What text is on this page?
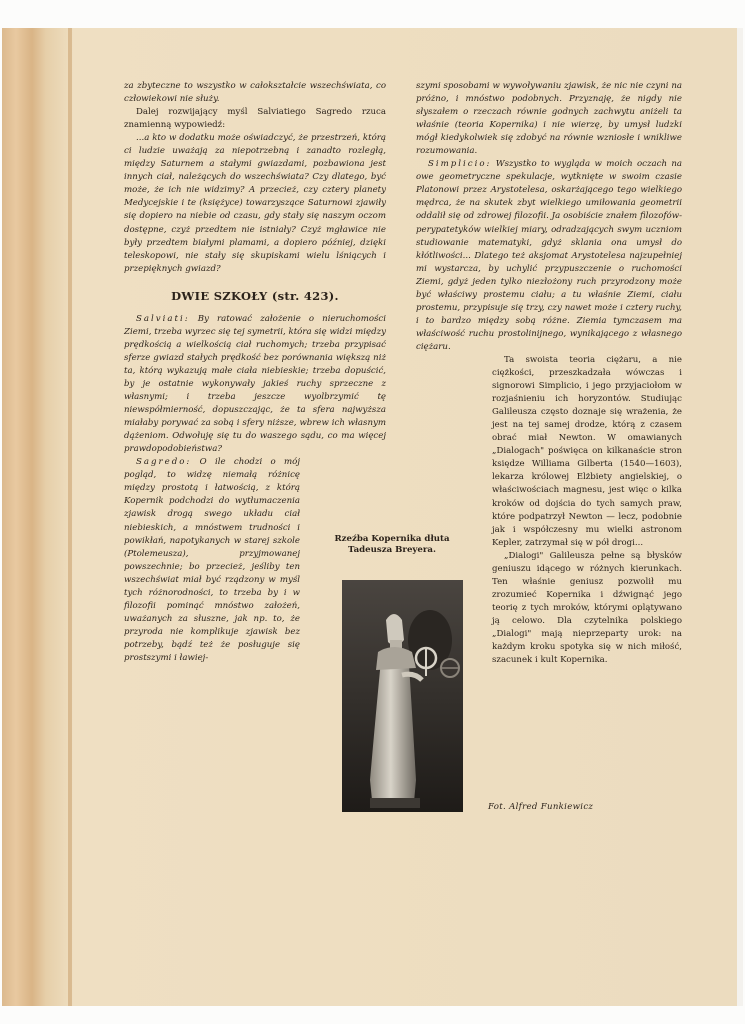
za zbyteczne to wszystko w całokształcie wszechświata, co człowiekowi nie służy.

Dalej rozwijający myśl Salviatiego Sagredo rzuca znamienną wypowiedź:

...a kto w dodatku może oświadczyć, że przestrzeń, którą ci ludzie uważają za niepotrzebną i zanadto rozległą, między Saturnem a stałymi gwiazdami, pozbawiona jest innych ciał, należących do wszechświata? Czy dlatego, być może, że ich nie widzimy? A przecież, czy cztery planety Medycejskie i te (księżyce) towarzyszące Saturnowi zjawiły się dopiero na niebie od czasu, gdy stały się naszym oczom dostępne, czyż przedtem nie istniały? Czyż mgławice nie były przedtem białymi plamami, a dopiero później, dzięki teleskopowi, nie stały się skupiskami wielu lśniących i przepięknych gwiazd?

DWIE SZKOŁY (str. 423).

Salviati: By ratować założenie o nieruchomości Ziemi, trzeba wyrzec się tej symetrii, która się widzi między prędkością a wielkością ciał ruchomych; trzeba przypisać sferze gwiazd stałych prędkość bez porównania większą niż ta, którą wykazują małe ciała niebieskie; trzeba dopuścić, by je ostatnie wykonywały jakieś ruchy sprzeczne z własnymi; i trzeba jeszcze wyolbrzymić tę niewspółmierność, dopuszczając, że ta sfera najwyższa miałaby porywać za sobą i sfery niższe, wbrew ich własnym dążeniom. Odwołuję się tu do waszego sądu, co ma więcej prawdopodobieństwa?

Sagredo: O ile chodzi o mój pogląd, to widzę niemałą różnicę między prostotą i łatwością, z którą Kopernik podchodzi do wytłumaczenia zjawisk drogą swego układu ciał niebieskich, a mnóstwem trudności i powikłań, napotykanych w starej szkole (Ptolemeusza), przyjmowanej powszechnie; bo przecież, jeśliby ten wszechświat miał być rządzony w myśl tych różnorodności, to trzeba by i w filozofii pominąć mnóstwo założeń, uważanych za słuszne, jak np. to, że przyroda nie komplikuje zjawisk bez potrzeby, bądź też że posługuje się prostszymi i ławiej-

szymi sposobami w wywoływaniu zjawisk, że nic nie czyni na próżno, i mnóstwo podobnych. Przyznaję, że nigdy nie słyszałem o rzeczach równie godnych zachwytu aniżeli ta właśnie (teoria Kopernika) i nie wierzę, by umysł ludzki mógł kiedykolwiek się zdobyć na równie wzniosłe i wnikliwe rozumowania.

Simplicio: Wszystko to wygląda w moich oczach na owe geometryczne spekulacje, wytknięte w swoim czasie Platonowi przez Arystotelesa, oskarżającego tego wielkiego mędrca, że na skutek zbyt wielkiego umiłowania geometrii oddalił się od zdrowej filozofii. Ja osobiście znałem filozofów-perypatetyków wielkiej miary, odradzających swym uczniom studiowanie matematyki, gdyż sklania ona umysł do kłótliwości... Dlatego też aksjomat Arystotelesa najzupełniej mi wystarcza, by uchylić przypuszczenie o ruchomości Ziemi, gdyż jeden tylko niezłożony ruch przyrodzony może być właściwy prostemu ciału; a tu właśnie Ziemi, ciału prostemu, przypisuje się trzy, czy nawet może i cztery ruchy, i to bardzo między sobą różne. Ziemia tymczasem ma właściwość ruchu prostolinijnego, wynikającego z własnego ciężaru.

Ta swoista teoria ciężaru, a nie ciężkości, przeszkadzała wówczas i signorowi Simplicio, i jego przyjaciołom w rozjaśnieniu ich horyzontów. Studiując Galileusza często doznaje się wrażenia, że jest na tej samej drodze, którą z czasem obrać miał Newton. W omawianych „Dialogach" poświęca on kilkanaście stron księdze Williama Gilberta (1540—1603), lekarza królowej Elżbiety angielskiej, o właściwościach magnesu, jest więc o kilka kroków od dojścia do tych samych praw, które podpatrzył Newton — lecz, podobnie jak i współczesny mu wielki astronom Kepler, zatrzymał się w pół drogi...

„Dialogi" Galileusza pełne są błysków geniuszu idącego w różnych kierunkach. Ten właśnie geniusz pozwolił mu zrozumieć Kopernika i dźwignąć jego teorię z tych mroków, którymi oplątywano ją celowo. Dla czytelnika polskiego „Dialogi" mają nieprzeparty urok: na każdym kroku spotyka się w nich miłość, szacunek i kult Kopernika.

Rzeźba Kopernika dłuta
Tadeusza Breyera.
Fot. Alfred Funkiewicz
